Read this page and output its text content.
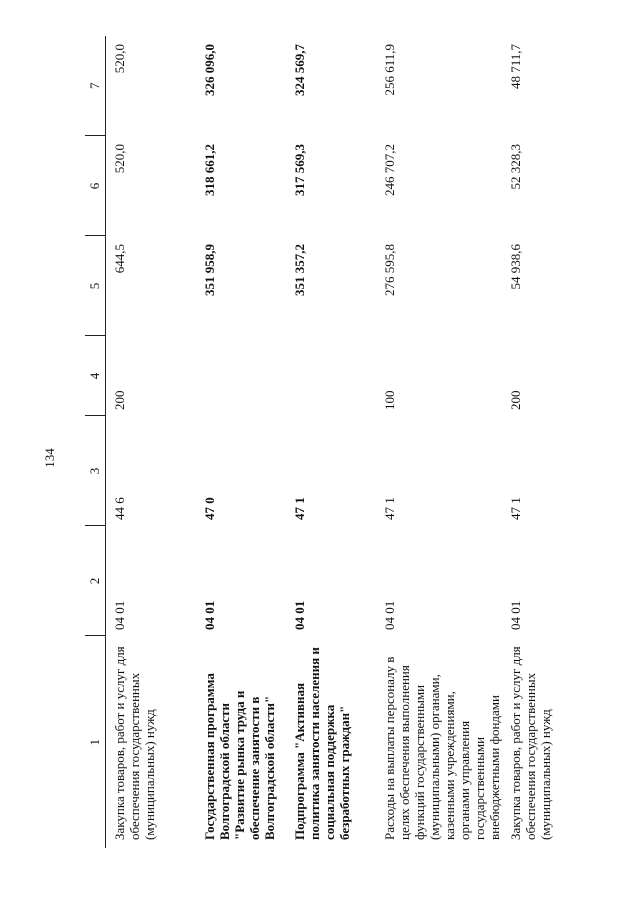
134
1	2	3	4	5	6	7
Закупка товаров, работ и услуг для обеспечения государственных (муниципальных) нужд	04 01	44 6	200	644,5	520,0	520,0
Государственная программа Волгоградской области "Развитие рынка труда и обеспечение занятости в Волгоградской области"	04 01	47 0		351 958,9	318 661,2	326 096,0
Подпрограмма "Активная политика занятости населения и социальная поддержка безработных граждан"	04 01	47 1		351 357,2	317 569,3	324 569,7
Расходы на выплаты персоналу в целях обеспечения выполнения функций государственными (муниципальными) органами, казенными учреждениями, органами управления государственными внебюджетными фондами	04 01	47 1	100	276 595,8	246 707,2	256 611,9
Закупка товаров, работ и услуг для обеспечения государственных (муниципальных) нужд	04 01	47 1	200	54 938,6	52 328,3	48 711,7
